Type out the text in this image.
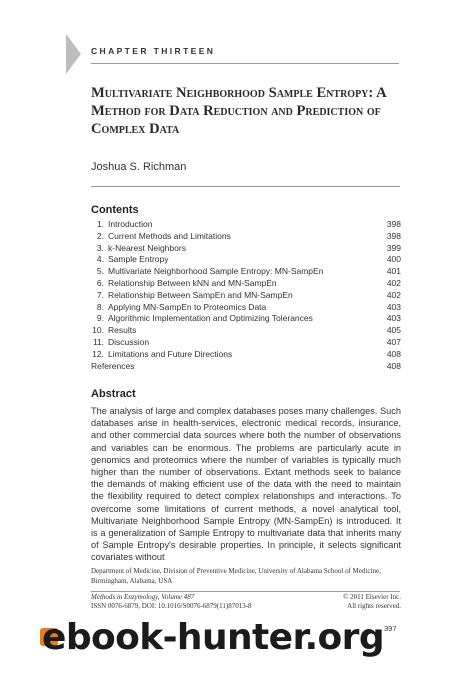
CHAPTER THIRTEEN
Multivariate Neighborhood Sample Entropy: A Method for Data Reduction and Prediction of Complex Data
Joshua S. Richman
Contents
1. Introduction	398
2. Current Methods and Limitations	398
3. k-Nearest Neighbors	399
4. Sample Entropy	400
5. Multivariate Neighborhood Sample Entropy: MN-SampEn	401
6. Relationship Between kNN and MN-SampEn	402
7. Relationship Between SampEn and MN-SampEn	402
8. Applying MN-SampEn to Proteomics Data	403
9. Algorithmic Implementation and Optimizing Tolerances	403
10. Results	405
11. Discussion	407
12. Limitations and Future Directions	408
References	408
Abstract

The analysis of large and complex databases poses many challenges. Such databases arise in health-services, electronic medical records, insurance, and other commercial data sources where both the number of observations and variables can be enormous. The problems are particularly acute in genomics and proteomics where the number of variables is typically much higher than the number of observations. Extant methods seek to balance the demands of making efficient use of the data with the need to maintain the flexibility required to detect complex relationships and interactions. To overcome some limitations of current methods, a novel analytical tool, Multivariate Neighborhood Sample Entropy (MN-SampEn) is introduced. It is a generalization of Sample Entropy to multivariate data that inherits many of Sample Entropy's desirable properties. In principle, it selects significant covariates without

Department of Medicine, Division of Preventive Medicine, University of Alabama School of Medicine, Birmingham, Alabama, USA
Methods in Enzymology, Volume 487	© 2011 Elsevier Inc.
ISSN 0076-6879, DOI: 10.1016/S0076-6879(11)87013-8	All rights reserved.
397
ebook-hunter.org
